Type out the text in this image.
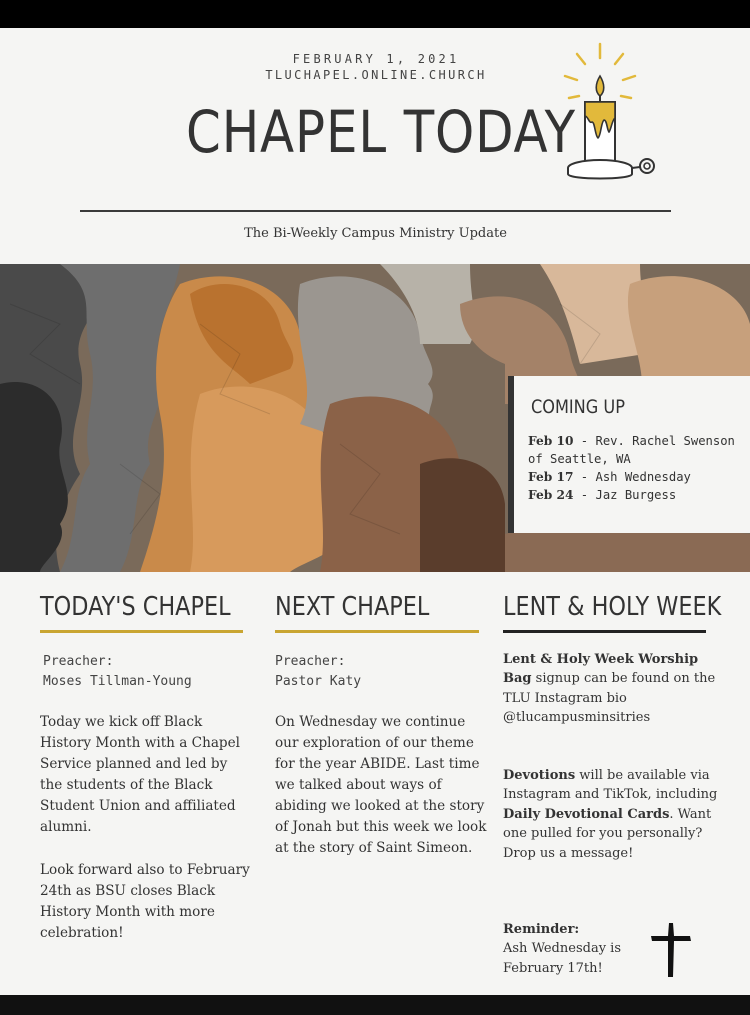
FEBRUARY 1, 2021
TLUCHAPEL.ONLINE.CHURCH
CHAPEL TODAY
The Bi-Weekly Campus Ministry Update
COMING UP
Feb 10 - Rev. Rachel Swenson of Seattle, WA
Feb 17 - Ash Wednesday
Feb 24 - Jaz Burgess
TODAY'S CHAPEL
Preacher:
Moses Tillman-Young
Today we kick off Black History Month with a Chapel Service planned and led by the students of the Black Student Union and affiliated alumni.
Look forward also to February 24th as BSU closes Black History Month with more celebration!
NEXT CHAPEL
Preacher:
Pastor Katy
On Wednesday we continue our exploration of our theme for the year ABIDE. Last time we talked about ways of abiding we looked at the story of Jonah but this week we look at the story of Saint Simeon.
LENT & HOLY WEEK
Lent & Holy Week Worship Bag signup can be found on the TLU Instagram bio @tlucampusminsitries
Devotions will be available via Instagram and TikTok, including Daily Devotional Cards. Want one pulled for you personally? Drop us a message!
Reminder:
Ash Wednesday is February 17th!
